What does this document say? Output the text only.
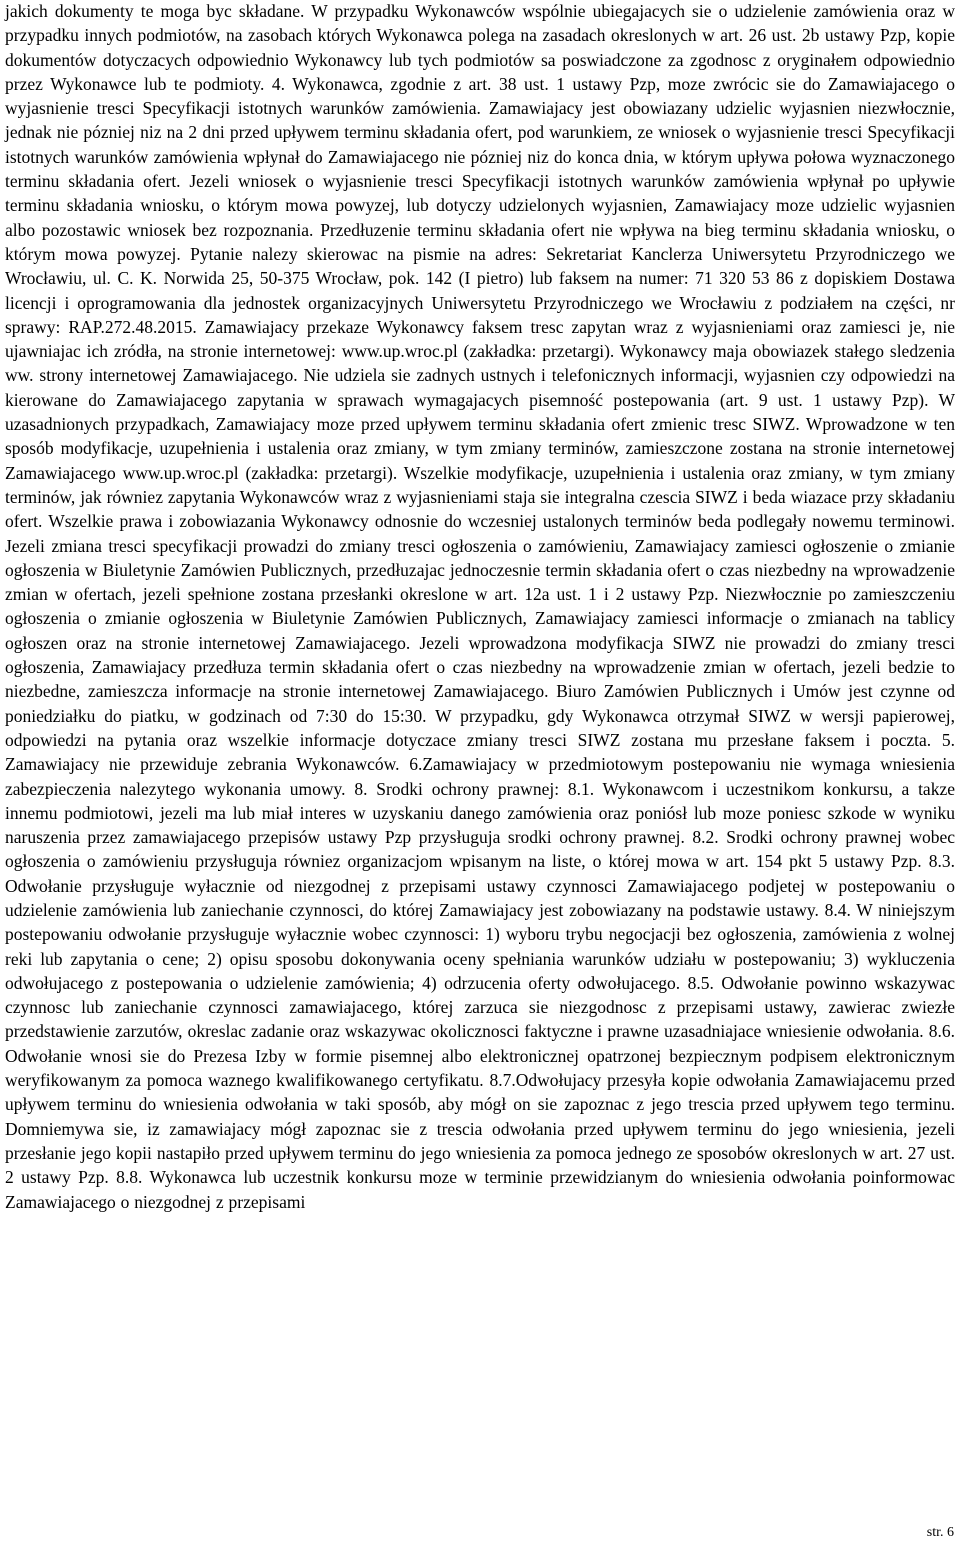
jakich dokumenty te moga byc składane. W przypadku Wykonawców wspólnie ubiegajacych sie o udzielenie zamówienia oraz w przypadku innych podmiotów, na zasobach których Wykonawca polega na zasadach okreslonych w art. 26 ust. 2b ustawy Pzp, kopie dokumentów dotyczacych odpowiednio Wykonawcy lub tych podmiotów sa poswiadczone za zgodnosc z oryginałem odpowiednio przez Wykonawce lub te podmioty. 4. Wykonawca, zgodnie z art. 38 ust. 1 ustawy Pzp, moze zwrócic sie do Zamawiajacego o wyjasnienie tresci Specyfikacji istotnych warunków zamówienia. Zamawiajacy jest obowiazany udzielic wyjasnien niezwłocznie, jednak nie pózniej niz na 2 dni przed upływem terminu składania ofert, pod warunkiem, ze wniosek o wyjasnienie tresci Specyfikacji istotnych warunków zamówienia wpłynał do Zamawiajacego nie pózniej niz do konca dnia, w którym upływa połowa wyznaczonego terminu składania ofert. Jezeli wniosek o wyjasnienie tresci Specyfikacji istotnych warunków zamówienia wpłynał po upływie terminu składania wniosku, o którym mowa powyzej, lub dotyczy udzielonych wyjasnien, Zamawiajacy moze udzielic wyjasnien albo pozostawic wniosek bez rozpoznania. Przedłuzenie terminu składania ofert nie wpływa na bieg terminu składania wniosku, o którym mowa powyzej. Pytanie nalezy skierowac na pismie na adres: Sekretariat Kanclerza Uniwersytetu Przyrodniczego we Wrocławiu, ul. C. K. Norwida 25, 50-375 Wrocław, pok. 142 (I pietro) lub faksem na numer: 71 320 53 86 z dopiskiem Dostawa licencji i oprogramowania dla jednostek organizacyjnych Uniwersytetu Przyrodniczego we Wrocławiu z podziałem na części, nr sprawy: RAP.272.48.2015. Zamawiajacy przekaze Wykonawcy faksem tresc zapytan wraz z wyjasnieniami oraz zamiesci je, nie ujawniajac ich zródła, na stronie internetowej: www.up.wroc.pl (zakładka: przetargi). Wykonawcy maja obowiazek stałego sledzenia ww. strony internetowej Zamawiajacego. Nie udziela sie zadnych ustnych i telefonicznych informacji, wyjasnien czy odpowiedzi na kierowane do Zamawiajacego zapytania w sprawach wymagajacych pisemność postepowania (art. 9 ust. 1 ustawy Pzp). W uzasadnionych przypadkach, Zamawiajacy moze przed upływem terminu składania ofert zmienic tresc SIWZ. Wprowadzone w ten sposób modyfikacje, uzupełnienia i ustalenia oraz zmiany, w tym zmiany terminów, zamieszczone zostana na stronie internetowej Zamawiajacego www.up.wroc.pl (zakładka: przetargi). Wszelkie modyfikacje, uzupełnienia i ustalenia oraz zmiany, w tym zmiany terminów, jak równiez zapytania Wykonawców wraz z wyjasnieniami staja sie integralna czescia SIWZ i beda wiazace przy składaniu ofert. Wszelkie prawa i zobowiazania Wykonawcy odnosnie do wczesniej ustalonych terminów beda podlegały nowemu terminowi. Jezeli zmiana tresci specyfikacji prowadzi do zmiany tresci ogłoszenia o zamówieniu, Zamawiajacy zamiesci ogłoszenie o zmianie ogłoszenia w Biuletynie Zamówien Publicznych, przedłuzajac jednoczesnie termin składania ofert o czas niezbedny na wprowadzenie zmian w ofertach, jezeli spełnione zostana przesłanki okreslone w art. 12a ust. 1 i 2 ustawy Pzp. Niezwłocznie po zamieszczeniu ogłoszenia o zmianie ogłoszenia w Biuletynie Zamówien Publicznych, Zamawiajacy zamiesci informacje o zmianach na tablicy ogłoszen oraz na stronie internetowej Zamawiajacego. Jezeli wprowadzona modyfikacja SIWZ nie prowadzi do zmiany tresci ogłoszenia, Zamawiajacy przedłuza termin składania ofert o czas niezbedny na wprowadzenie zmian w ofertach, jezeli bedzie to niezbedne, zamieszcza informacje na stronie internetowej Zamawiajacego. Biuro Zamówien Publicznych i Umów jest czynne od poniedziałku do piatku, w godzinach od 7:30 do 15:30. W przypadku, gdy Wykonawca otrzymał SIWZ w wersji papierowej, odpowiedzi na pytania oraz wszelkie informacje dotyczace zmiany tresci SIWZ zostana mu przesłane faksem i poczta. 5. Zamawiajacy nie przewiduje zebrania Wykonawców. 6.Zamawiajacy w przedmiotowym postepowaniu nie wymaga wniesienia zabezpieczenia nalezytego wykonania umowy. 8. Srodki ochrony prawnej: 8.1. Wykonawcom i uczestnikom konkursu, a takze innemu podmiotowi, jezeli ma lub miał interes w uzyskaniu danego zamówienia oraz poniósł lub moze poniesc szkode w wyniku naruszenia przez zamawiajacego przepisów ustawy Pzp przysługuja srodki ochrony prawnej. 8.2. Srodki ochrony prawnej wobec ogłoszenia o zamówieniu przysługuja równiez organizacjom wpisanym na liste, o której mowa w art. 154 pkt 5 ustawy Pzp. 8.3. Odwołanie przysługuje wyłacznie od niezgodnej z przepisami ustawy czynnosci Zamawiajacego podjetej w postepowaniu o udzielenie zamówienia lub zaniechanie czynnosci, do której Zamawiajacy jest zobowiazany na podstawie ustawy. 8.4. W niniejszym postepowaniu odwołanie przysługuje wyłacznie wobec czynnosci: 1) wyboru trybu negocjacji bez ogłoszenia, zamówienia z wolnej reki lub zapytania o cene; 2) opisu sposobu dokonywania oceny spełniania warunków udziału w postepowaniu; 3) wykluczenia odwołujacego z postepowania o udzielenie zamówienia; 4) odrzucenia oferty odwołujacego. 8.5. Odwołanie powinno wskazywac czynnosc lub zaniechanie czynnosci zamawiajacego, której zarzuca sie niezgodnosc z przepisami ustawy, zawierac zwiezłe przedstawienie zarzutów, okreslac zadanie oraz wskazywac okolicznosci faktyczne i prawne uzasadniajace wniesienie odwołania. 8.6. Odwołanie wnosi sie do Prezesa Izby w formie pisemnej albo elektronicznej opatrzonej bezpiecznym podpisem elektronicznym weryfikowanym za pomoca waznego kwalifikowanego certyfikatu. 8.7.Odwołujacy przesyła kopie odwołania Zamawiajacemu przed upływem terminu do wniesienia odwołania w taki sposób, aby mógł on sie zapoznac z jego trescia przed upływem tego terminu. Domniemywa sie, iz zamawiajacy mógł zapoznac sie z trescia odwołania przed upływem terminu do jego wniesienia, jezeli przesłanie jego kopii nastapiło przed upływem terminu do jego wniesienia za pomoca jednego ze sposobów okreslonych w art. 27 ust. 2 ustawy Pzp. 8.8. Wykonawca lub uczestnik konkursu moze w terminie przewidzianym do wniesienia odwołania poinformowac Zamawiajacego o niezgodnej z przepisami

str. 6
